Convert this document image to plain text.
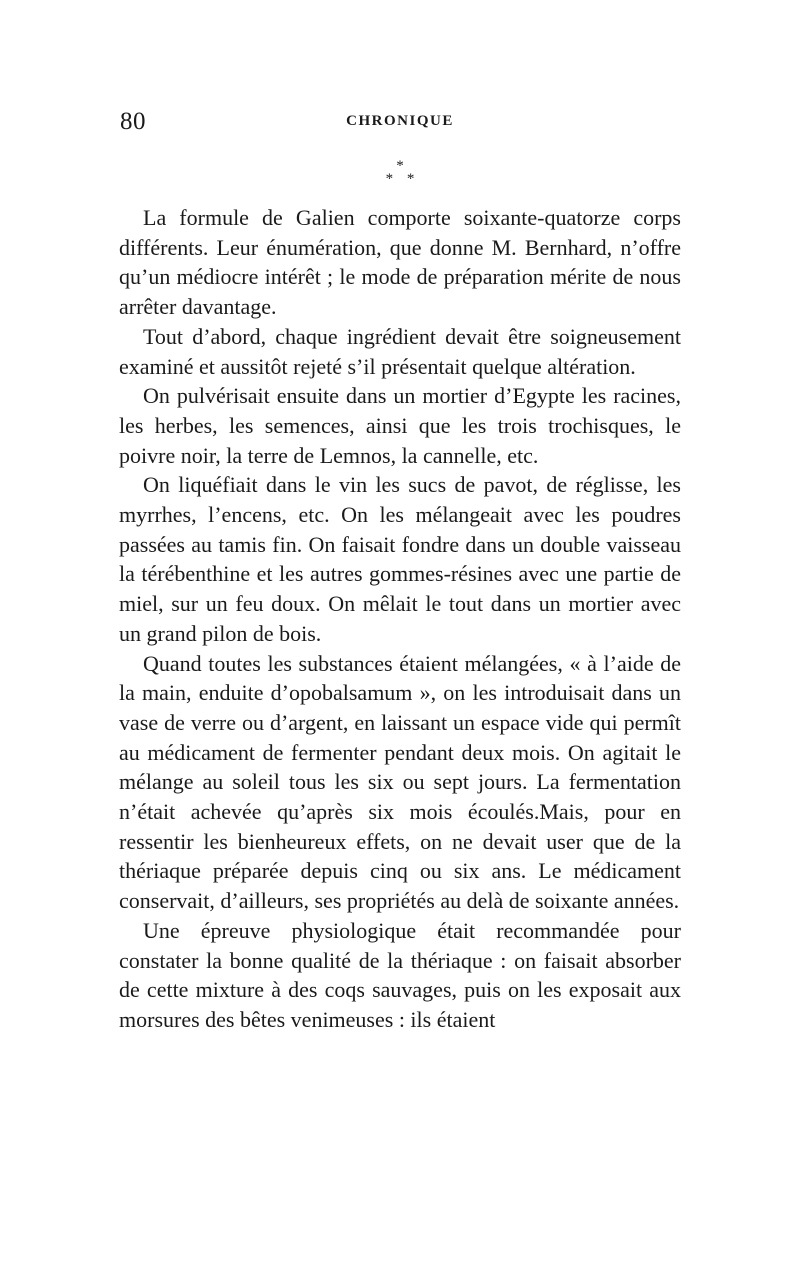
80	CHRONIQUE
*
* *

La formule de Galien comporte soixante-quatorze corps différents. Leur énumération, que donne M. Bernhard, n’offre qu’un médiocre intérêt ; le mode de préparation mérite de nous arrêter davantage.

Tout d’abord, chaque ingrédient devait être soigneusement examiné et aussitôt rejeté s’il présentait quelque altération.

On pulvérisait ensuite dans un mortier d’Egypte les racines, les herbes, les semences, ainsi que les trois trochisques, le poivre noir, la terre de Lemnos, la cannelle, etc.

On liquéfiait dans le vin les sucs de pavot, de réglisse, les myrrhes, l’encens, etc. On les mélangeait avec les poudres passées au tamis fin. On faisait fondre dans un double vaisseau la térébenthine et les autres gommes-résines avec une partie de miel, sur un feu doux. On mêlait le tout dans un mortier avec un grand pilon de bois.

Quand toutes les substances étaient mélangées, « à l’aide de la main, enduite d’opobalsamum », on les introduisait dans un vase de verre ou d’argent, en laissant un espace vide qui permît au médicament de fermenter pendant deux mois. On agitait le mélange au soleil tous les six ou sept jours. La fermentation n’était achevée qu’après six mois écoulés.Mais, pour en ressentir les bienheureux effets, on ne devait user que de la thériaque préparée depuis cinq ou six ans. Le médicament conservait, d’ailleurs, ses propriétés au delà de soixante années.

Une épreuve physiologique était recommandée pour constater la bonne qualité de la thériaque : on faisait absorber de cette mixture à des coqs sauvages, puis on les exposait aux morsures des bêtes venimeuses : ils étaient
